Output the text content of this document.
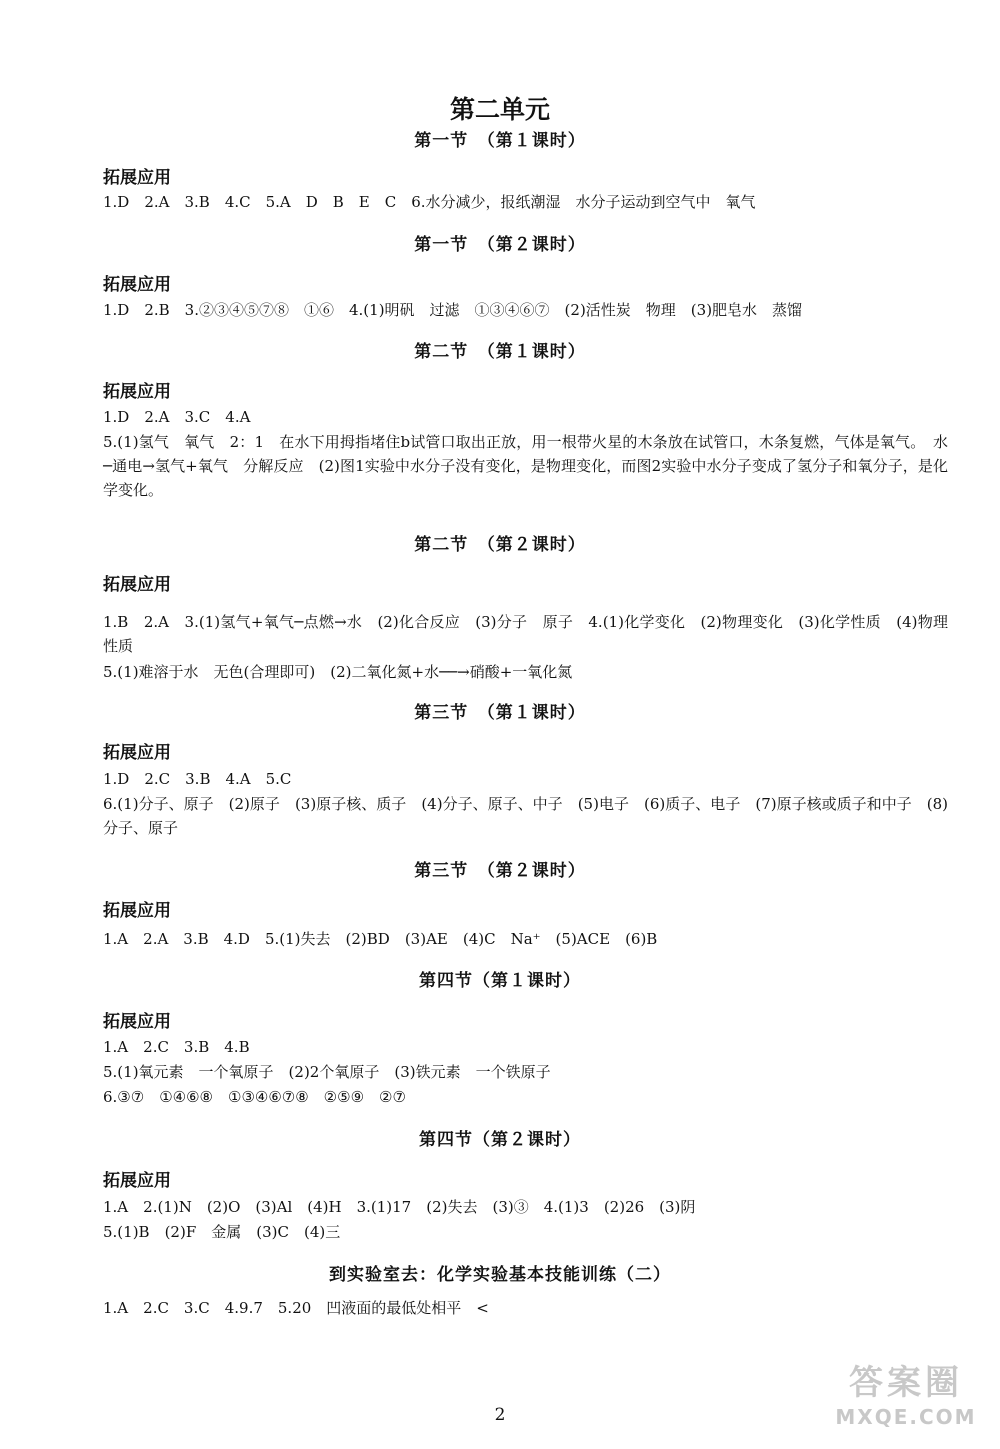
第二单元
第一节　（第１课时）
拓展应用
1.D　2.A　3.B　4.C　5.A　D　B　E　C　6.水分减少，报纸潮湿　水分子运动到空气中　氧气
第一节　（第２课时）
拓展应用
1.D　2.B　3.②③④⑤⑦⑧　①⑥　4.(1)明矾　过滤　①③④⑥⑦　(2)活性炭　物理　(3)肥皂水　蒸馏
第二节　（第１课时）
拓展应用
1.D　2.A　3.C　4.A
5.(1)氢气　氧气　2：1　在水下用拇指堵住b试管口取出正放，用一根带火星的木条放在试管口，木条复燃，气体是氧气。　水─通电→氢气+氧气　分解反应　(2)图1实验中水分子没有变化，是物理变化，而图2实验中水分子变成了氢分子和氧分子，是化学变化。
第二节　（第２课时）
拓展应用
1.B　2.A　3.(1)氢气+氧气─点燃→水　(2)化合反应　(3)分子　原子　4.(1)化学变化　(2)物理变化　(3)化学性质　(4)物理性质
5.(1)难溶于水　无色(合理即可)　(2)二氧化氮+水──→硝酸+一氧化氮
第三节　（第１课时）
拓展应用
1.D　2.C　3.B　4.A　5.C
6.(1)分子、原子　(2)原子　(3)原子核、质子　(4)分子、原子、中子　(5)电子　(6)质子、电子　(7)原子核或质子和中子　(8)分子、原子
第三节　（第２课时）
拓展应用
1.A　2.A　3.B　4.D　5.(1)失去　(2)BD　(3)AE　(4)C　Na⁺　(5)ACE　(6)B
第四节（第１课时）
拓展应用
1.A　2.C　3.B　4.B
5.(1)氧元素　一个氧原子　(2)2个氧原子　(3)铁元素　一个铁原子
6.③⑦　①④⑥⑧　①③④⑥⑦⑧　②⑤⑨　②⑦
第四节（第２课时）
拓展应用
1.A　2.(1)N　(2)O　(3)Al　(4)H　3.(1)17　(2)失去　(3)③　4.(1)3　(2)26　(3)阴
5.(1)B　(2)F　金属　(3)C　(4)三
到实验室去：化学实验基本技能训练（二）
1.A　2.C　3.C　4.9.7　5.20　凹液面的最低处相平　<
2
答案圈
MXQE.COM
